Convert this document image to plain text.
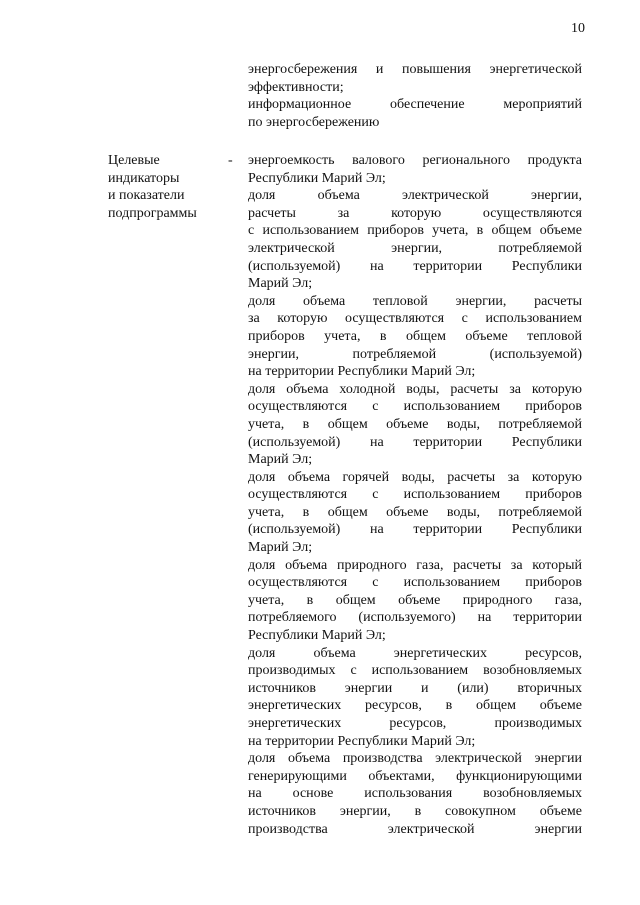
10
энергосбережения и повышения энергетической
эффективности;
информационное обеспечение мероприятий
по энергосбережению
Целевые
индикаторы
и показатели
подпрограммы
- энергоемкость валового регионального продукта
Республики Марий Эл;
доля объема электрической энергии,
расчеты за которую осуществляются
с использованием приборов учета, в общем объеме
электрической энергии, потребляемой
(используемой) на территории Республики
Марий Эл;
доля объема тепловой энергии, расчеты
за которую осуществляются с использованием
приборов учета, в общем объеме тепловой
энергии, потребляемой (используемой)
на территории Республики Марий Эл;
доля объема холодной воды, расчеты за которую
осуществляются с использованием приборов
учета, в общем объеме воды, потребляемой
(используемой) на территории Республики
Марий Эл;
доля объема горячей воды, расчеты за которую
осуществляются с использованием приборов
учета, в общем объеме воды, потребляемой
(используемой) на территории Республики
Марий Эл;
доля объема природного газа, расчеты за который
осуществляются с использованием приборов
учета, в общем объеме природного газа,
потребляемого (используемого) на территории
Республики Марий Эл;
доля объема энергетических ресурсов,
производимых с использованием возобновляемых
источников энергии и (или) вторичных
энергетических ресурсов, в общем объеме
энергетических ресурсов, производимых
на территории Республики Марий Эл;
доля объема производства электрической энергии
генерирующими объектами, функционирующими
на основе использования возобновляемых
источников энергии, в совокупном объеме
производства электрической энергии
